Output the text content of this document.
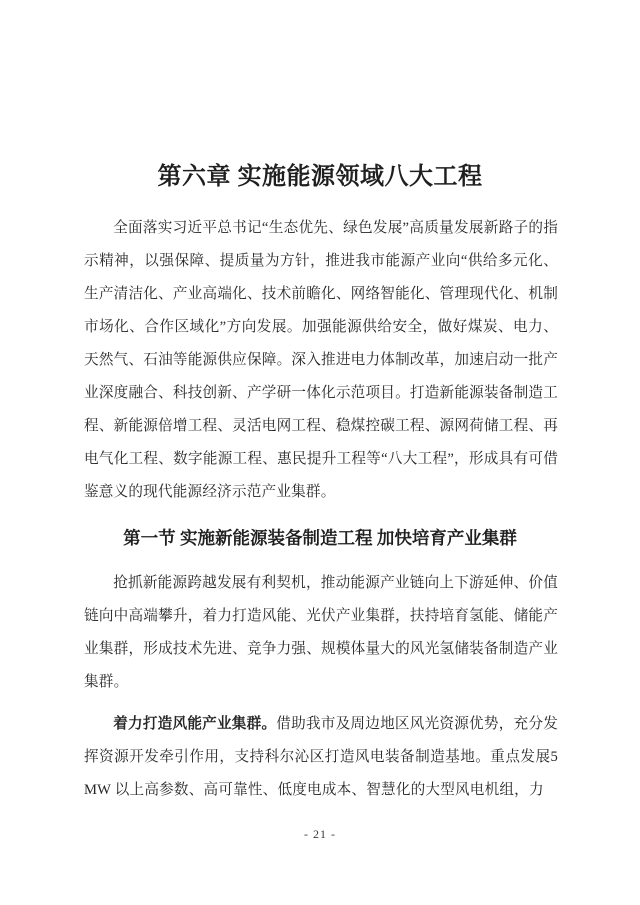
第六章 实施能源领域八大工程

全面落实习近平总书记“生态优先、绿色发展”高质量发展新路子的指示精神，以强保障、提质量为方针，推进我市能源产业向“供给多元化、生产清洁化、产业高端化、技术前瞻化、网络智能化、管理现代化、机制市场化、合作区域化”方向发展。加强能源供给安全，做好煤炭、电力、天然气、石油等能源供应保障。深入推进电力体制改革，加速启动一批产业深度融合、科技创新、产学研一体化示范项目。打造新能源装备制造工程、新能源倍增工程、灵活电网工程、稳煤控碳工程、源网荷储工程、再电气化工程、数字能源工程、惠民提升工程等“八大工程”，形成具有可借鉴意义的现代能源经济示范产业集群。

第一节 实施新能源装备制造工程 加快培育产业集群

抢抓新能源跨越发展有利契机，推动能源产业链向上下游延伸、价值链向中高端攀升，着力打造风能、光伏产业集群，扶持培育氢能、储能产业集群，形成技术先进、竞争力强、规模体量大的风光氢储装备制造产业集群。

着力打造风能产业集群。借助我市及周边地区风光资源优势，充分发挥资源开发牵引作用，支持科尔沁区打造风电装备制造基地。重点发展5MW 以上高参数、高可靠性、低度电成本、智慧化的大型风电机组，力

- 21 -
